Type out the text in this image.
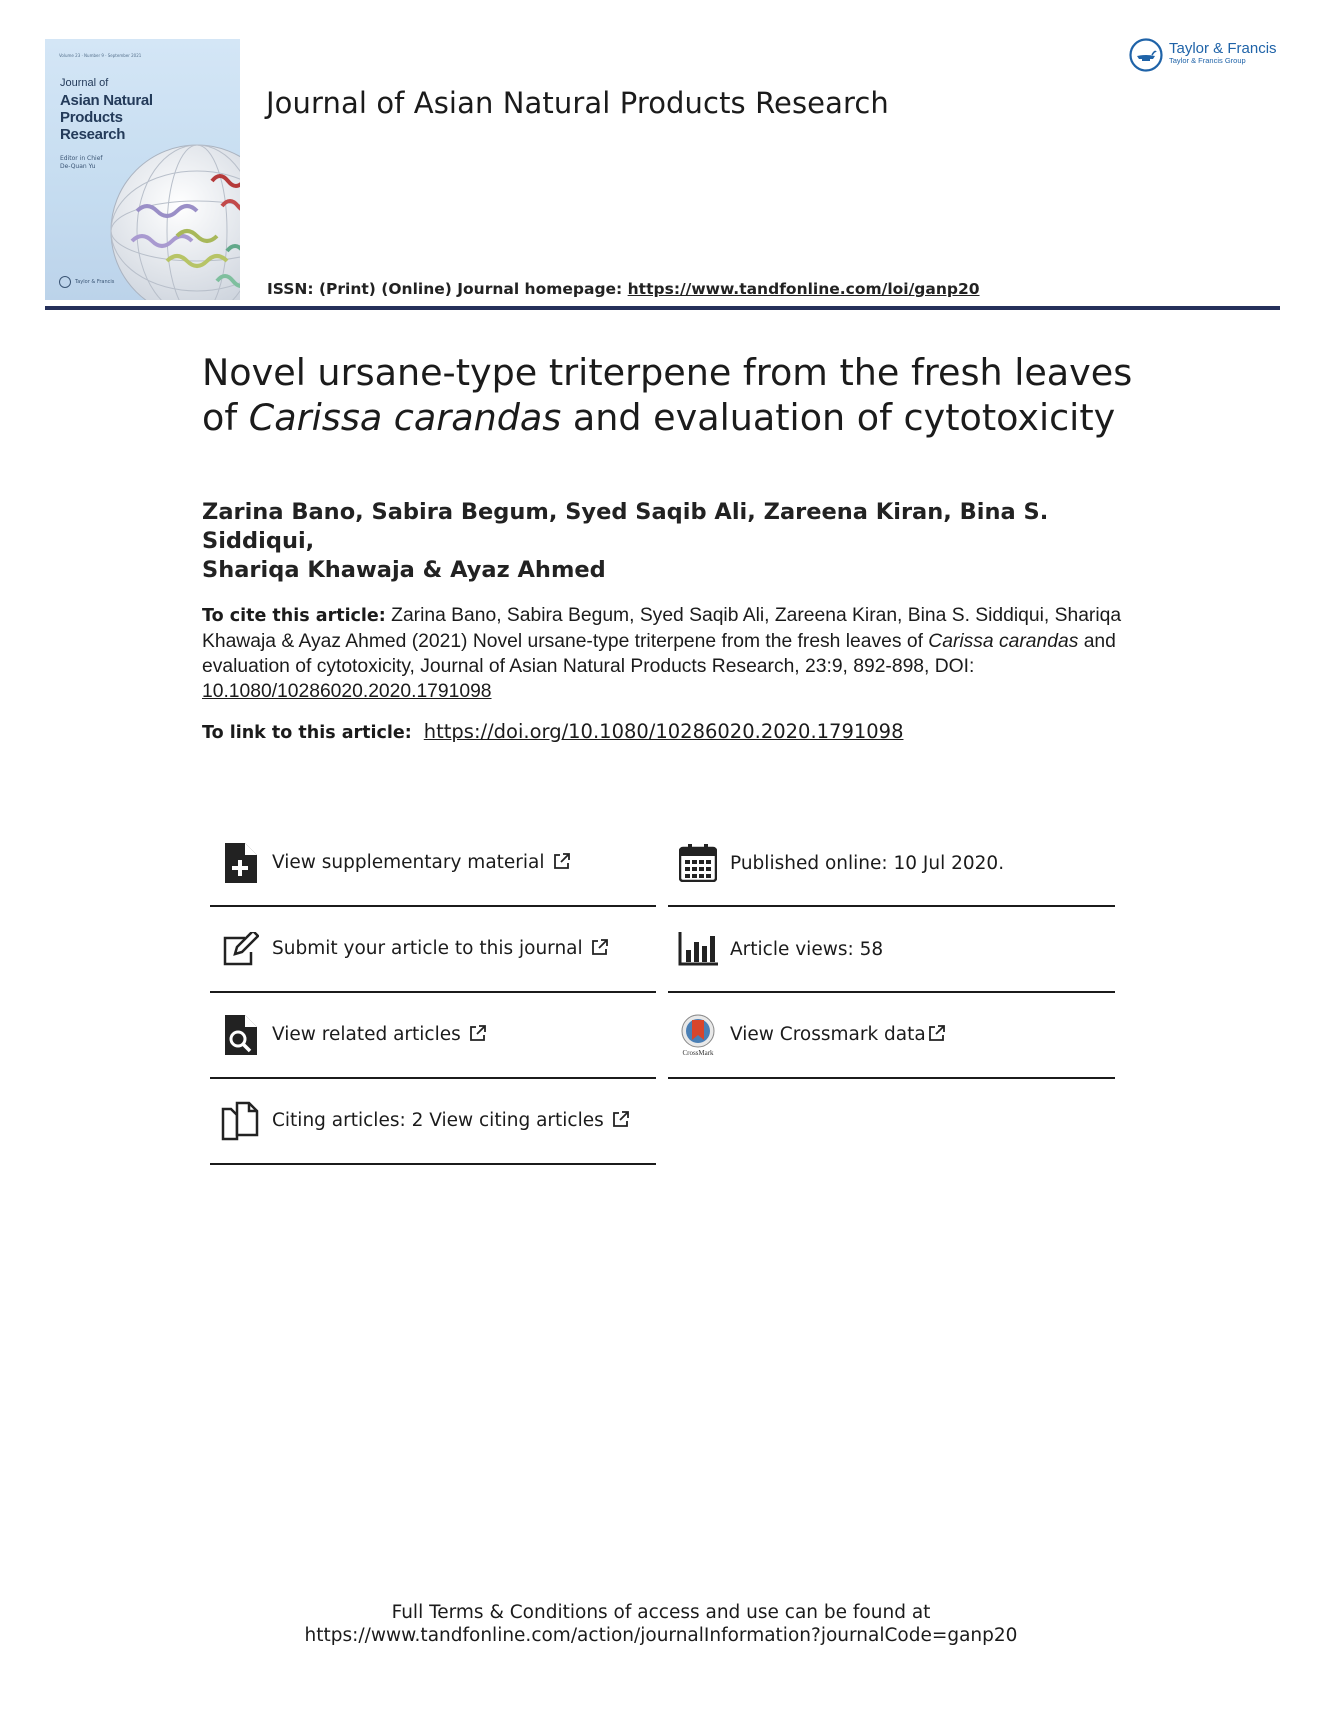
Volume 23 · Number 9 · September 2021
Journal of
Asian Natural
Products
Research
Editor in Chief
De-Quan Yu
Taylor & Francis
Journal of Asian Natural Products Research
ISSN: (Print) (Online) Journal homepage: https://www.tandfonline.com/loi/ganp20
Taylor & Francis
Taylor & Francis Group
Novel ursane-type triterpene from the fresh leaves
of Carissa carandas and evaluation of cytotoxicity
Zarina Bano, Sabira Begum, Syed Saqib Ali, Zareena Kiran, Bina S. Siddiqui,
Shariqa Khawaja & Ayaz Ahmed
To cite this article: Zarina Bano, Sabira Begum, Syed Saqib Ali, Zareena Kiran, Bina S. Siddiqui, Shariqa Khawaja & Ayaz Ahmed (2021) Novel ursane-type triterpene from the fresh leaves of Carissa carandas and evaluation of cytotoxicity, Journal of Asian Natural Products Research, 23:9, 892-898, DOI: 10.1080/10286020.2020.1791098
To link to this article: https://doi.org/10.1080/10286020.2020.1791098
View supplementary material	Published online: 10 Jul 2020.
Submit your article to this journal	Article views: 58
View related articles
CrossMark
View Crossmark data
Citing articles: 2 View citing articles
Full Terms & Conditions of access and use can be found at
https://www.tandfonline.com/action/journalInformation?journalCode=ganp20
